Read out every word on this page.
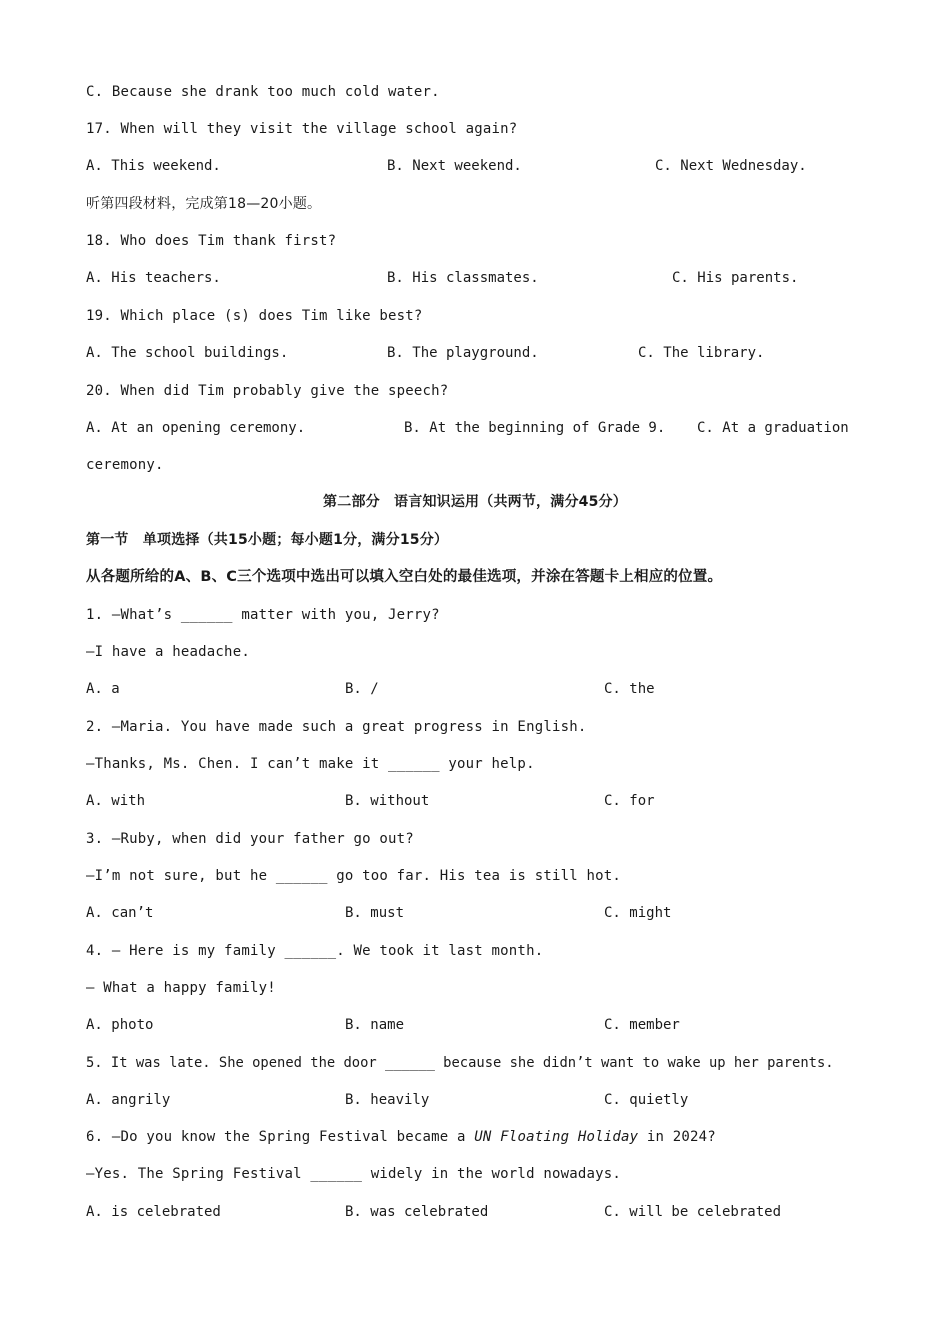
C. Because she drank too much cold water.
17. When will they visit the village school again?
A. This weekend.	B. Next weekend.	C. Next Wednesday.
听第四段材料，完成第18—20小题。
18. Who does Tim thank first?
A. His teachers.	B. His classmates.	C. His parents.
19. Which place (s) does Tim like best?
A. The school buildings.	B. The playground.	C. The library.
20. When did Tim probably give the speech?
A. At an opening ceremony.	B. At the beginning of Grade 9. C. At a graduation
ceremony.
第二部分　语言知识运用（共两节，满分45分）
第一节　单项选择（共15小题；每小题1分，满分15分）
从各题所给的A、B、C三个选项中选出可以填入空白处的最佳选项，并涂在答题卡上相应的位置。
1. —What’s ______ matter with you, Jerry?
—I have a headache.
A. a	B. /	C. the
2. —Maria. You have made such a great progress in English.
—Thanks, Ms. Chen. I can’t make it ______ your help.
A. with	B. without	C. for
3. —Ruby, when did your father go out?
—I’m not sure, but he ______ go too far. His tea is still hot.
A. can’t	B. must	C. might
4. — Here is my family ______. We took it last month.
— What a happy family!
A. photo	B. name	C. member
5. It was late. She opened the door ______ because she didn’t want to wake up her parents.
A. angrily	B. heavily	C. quietly
6. —Do you know the Spring Festival became a UN Floating Holiday in 2024?
—Yes. The Spring Festival ______ widely in the world nowadays.
A. is celebrated	B. was celebrated	C. will be celebrated
